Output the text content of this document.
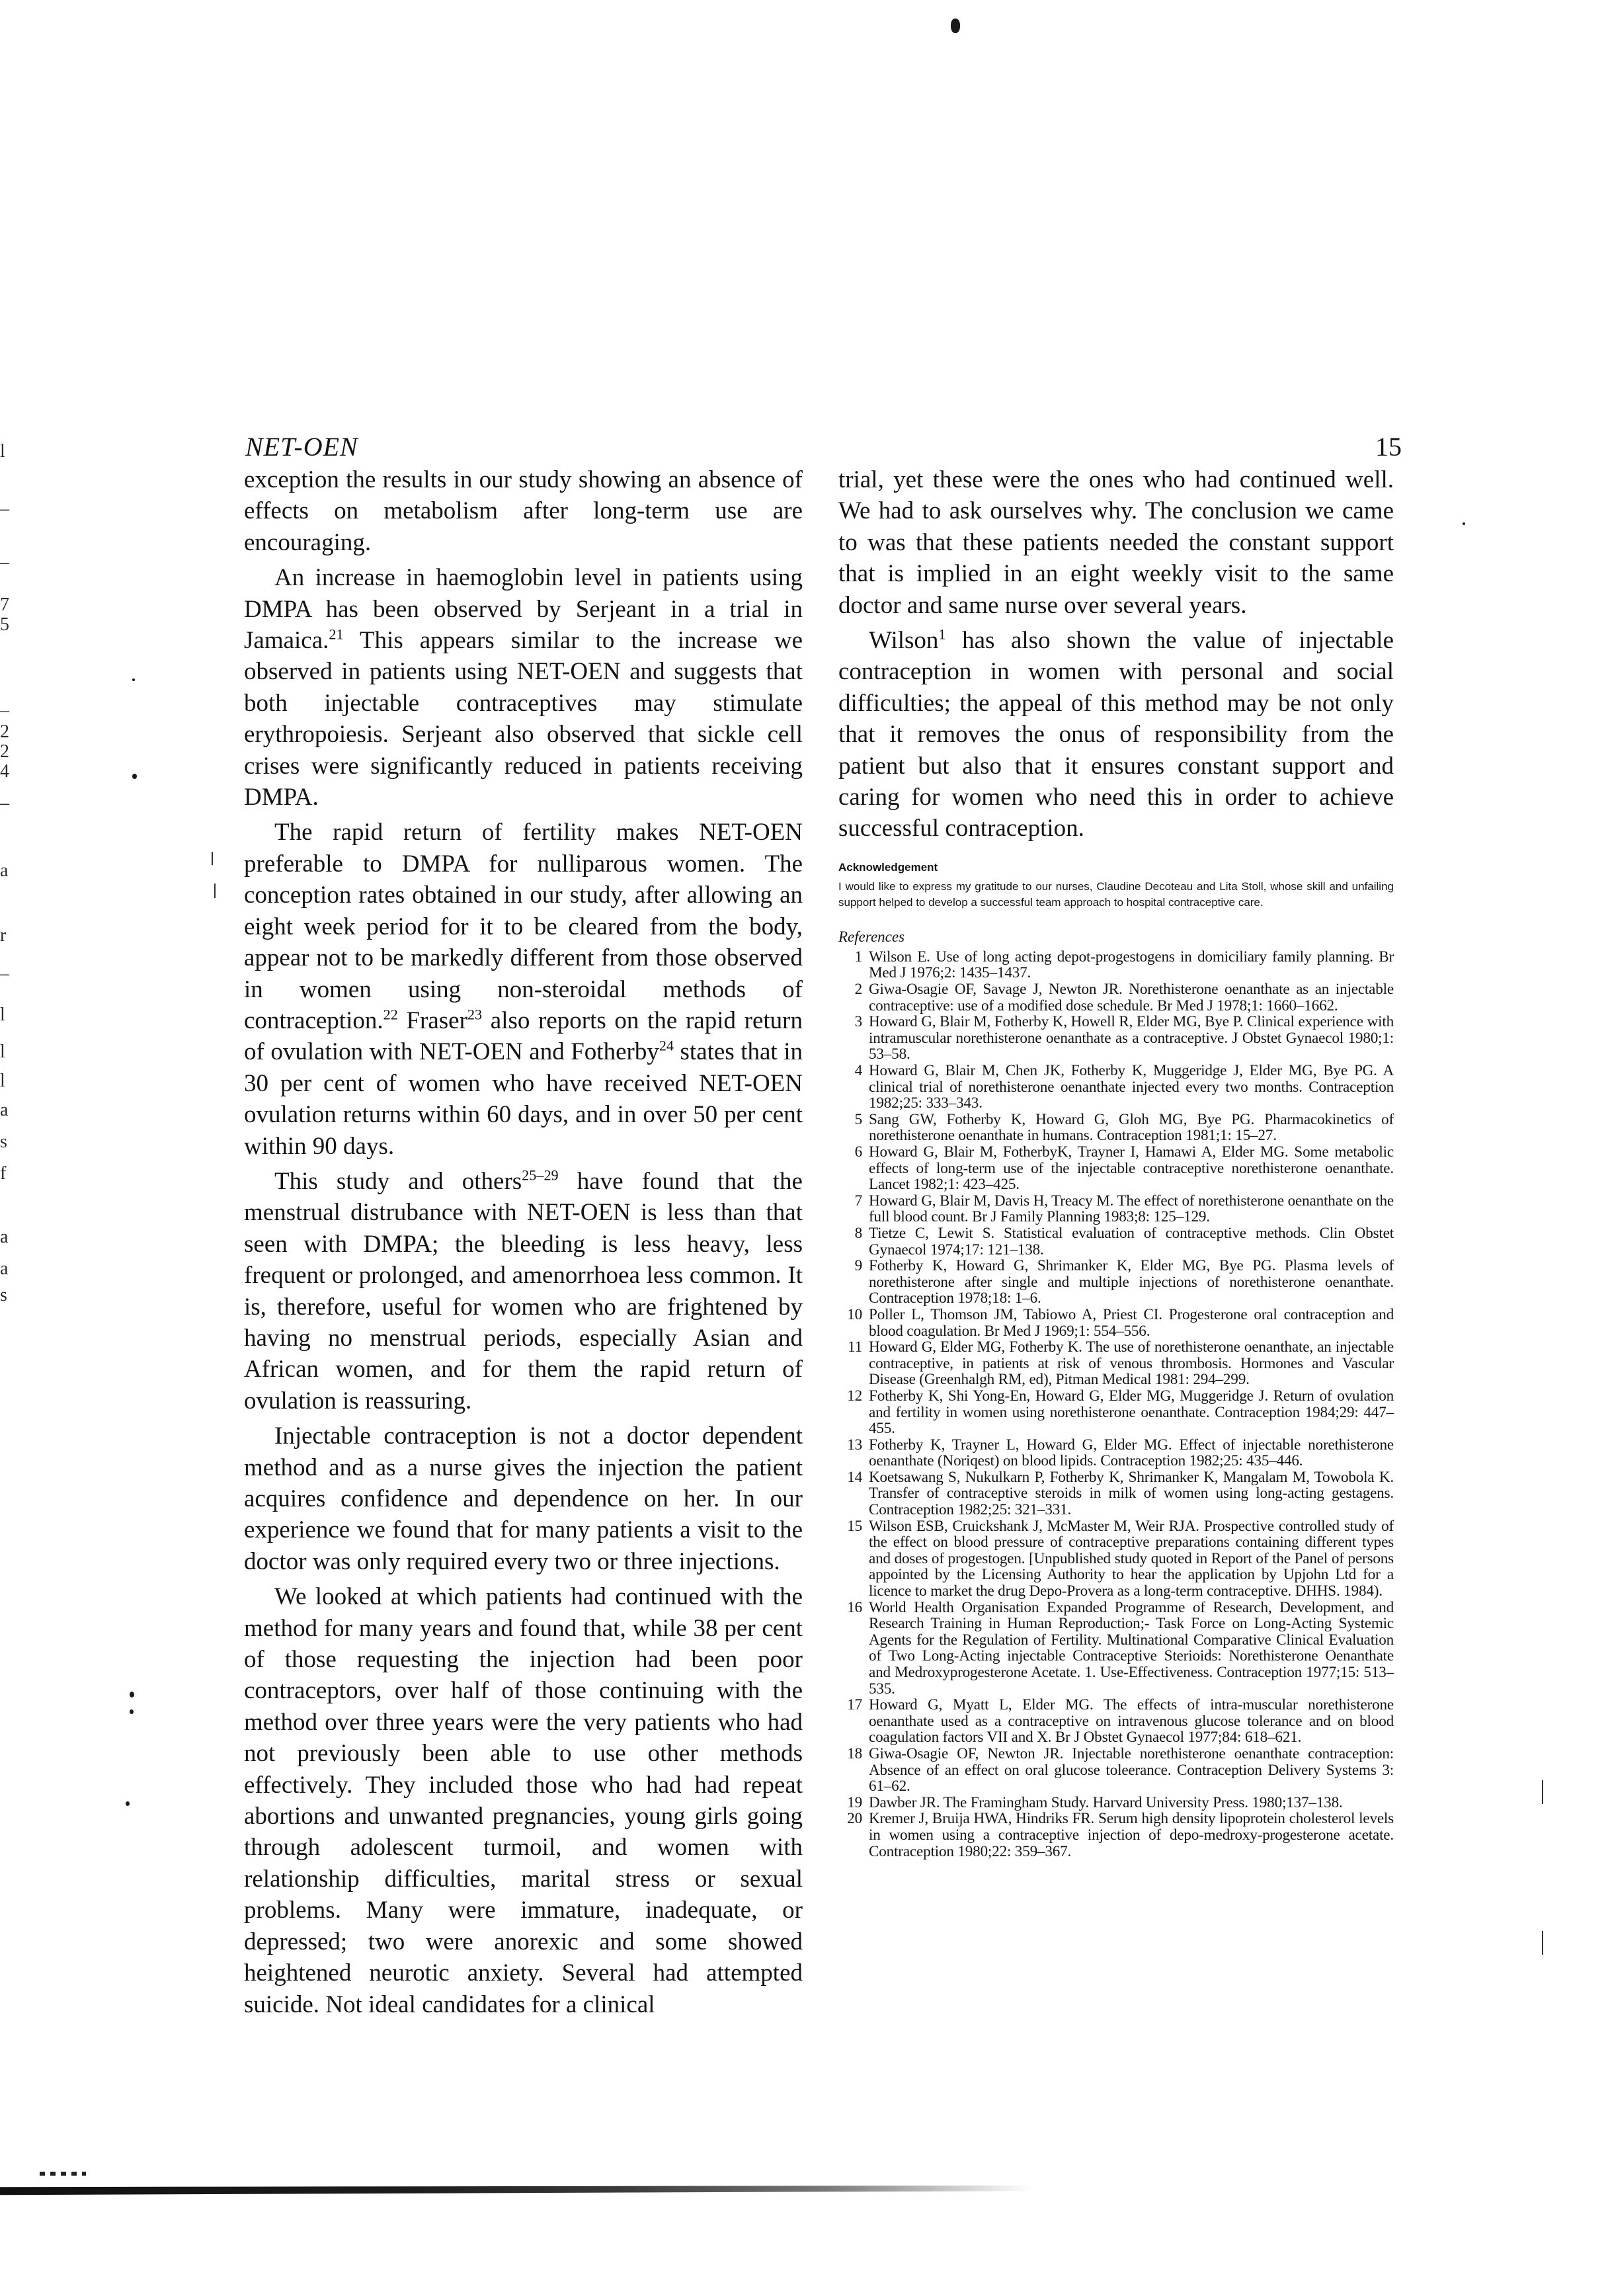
NET-OEN	15

exception the results in our study showing an absence of effects on metabolism after long-term use are encouraging.

An increase in haemoglobin level in patients using DMPA has been observed by Serjeant in a trial in Jamaica.$^{21}$ This appears similar to the increase we observed in patients using NET-OEN and suggests that both injectable contraceptives may stimulate erythropoiesis. Serjeant also observed that sickle cell crises were significantly reduced in patients receiving DMPA.

The rapid return of fertility makes NET-OEN preferable to DMPA for nulliparous women. The conception rates obtained in our study, after allowing an eight week period for it to be cleared from the body, appear not to be markedly different from those observed in women using non-steroidal methods of contraception.$^{22}$ Fraser$^{23}$ also reports on the rapid return of ovulation with NET-OEN and Fotherby$^{24}$ states that in 30 per cent of women who have received NET-OEN ovulation returns within 60 days, and in over 50 per cent within 90 days.

This study and others$^{25-29}$ have found that the menstrual distrubance with NET-OEN is less than that seen with DMPA; the bleeding is less heavy, less frequent or prolonged, and amenorrhoea less common. It is, therefore, useful for women who are frightened by having no menstrual periods, especially Asian and African women, and for them the rapid return of ovulation is reassuring.

Injectable contraception is not a doctor dependent method and as a nurse gives the injection the patient acquires confidence and dependence on her. In our experience we found that for many patients a visit to the doctor was only required every two or three injections.

We looked at which patients had continued with the method for many years and found that, while 38 per cent of those requesting the injection had been poor contraceptors, over half of those continuing with the method over three years were the very patients who had not previously been able to use other methods effectively. They included those who had had repeat abortions and unwanted pregnancies, young girls going through adolescent turmoil, and women with relationship difficulties, marital stress or sexual problems. Many were immature, inadequate, or depressed; two were anorexic and some showed heightened neurotic anxiety. Several had attempted suicide. Not ideal candidates for a clinical

trial, yet these were the ones who had continued well. We had to ask ourselves why. The conclusion we came to was that these patients needed the constant support that is implied in an eight weekly visit to the same doctor and same nurse over several years.

Wilson$^1$ has also shown the value of injectable contraception in women with personal and social difficulties; the appeal of this method may be not only that it removes the onus of responsibility from the patient but also that it ensures constant support and caring for women who need this in order to achieve successful contraception.

Acknowledgement

I would like to express my gratitude to our nurses, Claudine Decoteau and Lita Stoll, whose skill and unfailing support helped to develop a successful team approach to hospital contraceptive care.

References
1 Wilson E. Use of long acting depot-progestogens in domiciliary family planning. Br Med J 1976;2: 1435–1437.
2 Giwa-Osagie OF, Savage J, Newton JR. Norethisterone oenanthate as an injectable contraceptive: use of a modified dose schedule. Br Med J 1978;1: 1660–1662.
3 Howard G, Blair M, Fotherby K, Howell R, Elder MG, Bye P. Clinical experience with intramuscular norethisterone oenanthate as a contraceptive. J Obstet Gynaecol 1980;1: 53–58.
4 Howard G, Blair M, Chen JK, Fotherby K, Muggeridge J, Elder MG, Bye PG. A clinical trial of norethisterone oenanthate injected every two months. Contraception 1982;25: 333–343.
5 Sang GW, Fotherby K, Howard G, Gloh MG, Bye PG. Pharmacokinetics of norethisterone oenanthate in humans. Contraception 1981;1: 15–27.
6 Howard G, Blair M, FotherbyK, Trayner I, Hamawi A, Elder MG. Some metabolic effects of long-term use of the injectable contraceptive norethisterone oenanthate. Lancet 1982;1: 423–425.
7 Howard G, Blair M, Davis H, Treacy M. The effect of norethisterone oenanthate on the full blood count. Br J Family Planning 1983;8: 125–129.
8 Tietze C, Lewit S. Statistical evaluation of contraceptive methods. Clin Obstet Gynaecol 1974;17: 121–138.
9 Fotherby K, Howard G, Shrimanker K, Elder MG, Bye PG. Plasma levels of norethisterone after single and multiple injections of norethisterone oenanthate. Contraception 1978;18: 1–6.
10 Poller L, Thomson JM, Tabiowo A, Priest CI. Progesterone oral contraception and blood coagulation. Br Med J 1969;1: 554–556.
11 Howard G, Elder MG, Fotherby K. The use of norethisterone oenanthate, an injectable contraceptive, in patients at risk of venous thrombosis. Hormones and Vascular Disease (Greenhalgh RM, ed), Pitman Medical 1981: 294–299.
12 Fotherby K, Shi Yong-En, Howard G, Elder MG, Muggeridge J. Return of ovulation and fertility in women using norethisterone oenanthate. Contraception 1984;29: 447–455.
13 Fotherby K, Trayner L, Howard G, Elder MG. Effect of injectable norethisterone oenanthate (Noriqest) on blood lipids. Contraception 1982;25: 435–446.
14 Koetsawang S, Nukulkarn P, Fotherby K, Shrimanker K, Mangalam M, Towobola K. Transfer of contraceptive steroids in milk of women using long-acting gestagens. Contraception 1982;25: 321–331.
15 Wilson ESB, Cruickshank J, McMaster M, Weir RJA. Prospective controlled study of the effect on blood pressure of contraceptive preparations containing different types and doses of progestogen. [Unpublished study quoted in Report of the Panel of persons appointed by the Licensing Authority to hear the application by Upjohn Ltd for a licence to market the drug Depo-Provera as a long-term contraceptive. DHHS. 1984).
16 World Health Organisation Expanded Programme of Research, Development, and Research Training in Human Reproduction;- Task Force on Long-Acting Systemic Agents for the Regulation of Fertility. Multinational Comparative Clinical Evaluation of Two Long-Acting injectable Contraceptive Sterioids: Norethisterone Oenanthate and Medroxyprogesterone Acetate. 1. Use-Effectiveness. Contraception 1977;15: 513–535.
17 Howard G, Myatt L, Elder MG. The effects of intra-muscular norethisterone oenanthate used as a contraceptive on intravenous glucose tolerance and on blood coagulation factors VII and X. Br J Obstet Gynaecol 1977;84: 618–621.
18 Giwa-Osagie OF, Newton JR. Injectable norethisterone oenanthate contraception: Absence of an effect on oral glucose toleerance. Contraception Delivery Systems 3: 61–62.
19 Dawber JR. The Framingham Study. Harvard University Press. 1980;137–138.
20 Kremer J, Bruija HWA, Hindriks FR. Serum high density lipoprotein cholesterol levels in women using a contraceptive injection of depo-medroxy-progesterone acetate. Contraception 1980;22: 359–367.
l
–
–
7
5
–
2
2
4
–
a
r
–
l
l
l
a
s
f
a
a
s
